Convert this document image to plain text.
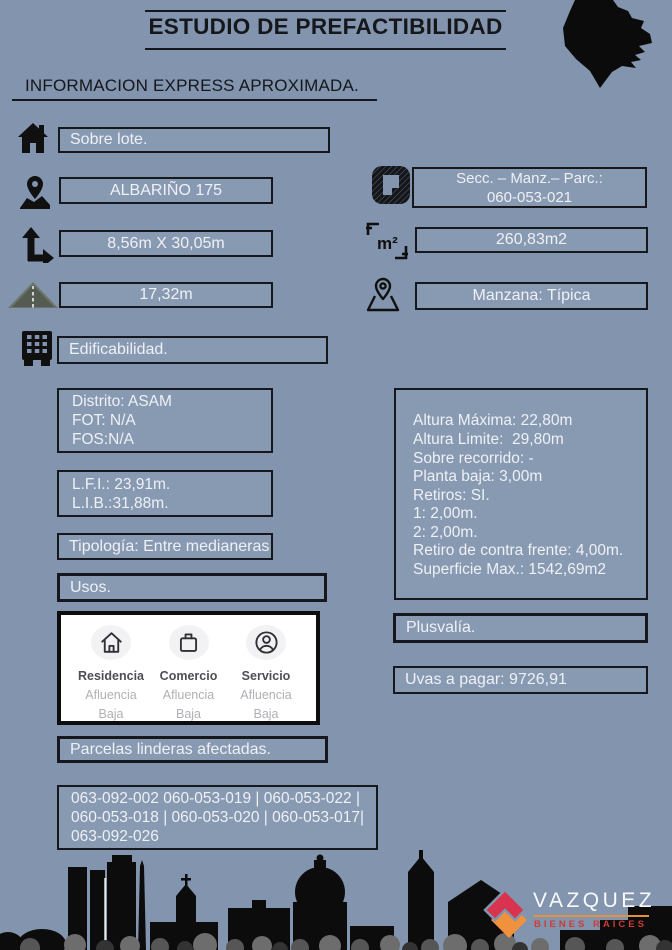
ESTUDIO DE PREFACTIBILIDAD
INFORMACION EXPRESS APROXIMADA.
Sobre lote.
ALBARIÑO 175
8,56m X 30,05m
17,32m
Edificabilidad.
Distrito: ASAM
FOT: N/A
FOS:N/A
L.F.I.: 23,91m.
L.I.B.:31,88m.
Tipología: Entre medianeras
Usos.
Residencia
Afluencia
Baja
Comercio
Afluencia
Baja
Servicio
Afluencia
Baja
Parcelas linderas afectadas.
063-092-002 060-053-019 | 060-053-022 |
060-053-018 | 060-053-020 | 060-053-017|
063-092-026
m²
Secc. – Manz.– Parc.:
060-053-021
260,83m2
Manzana: Típica
Altura Máxima: 22,80m
Altura Limite:  29,80m
Sobre recorrido: -
Planta baja: 3,00m
Retiros: SI.
1: 2,00m.
2: 2,00m.
Retiro de contra frente: 4,00m.
Superficie Max.: 1542,69m2
Plusvalía.
Uvas a pagar: 9726,91
VAZQUEZ
BIENES RAICES
